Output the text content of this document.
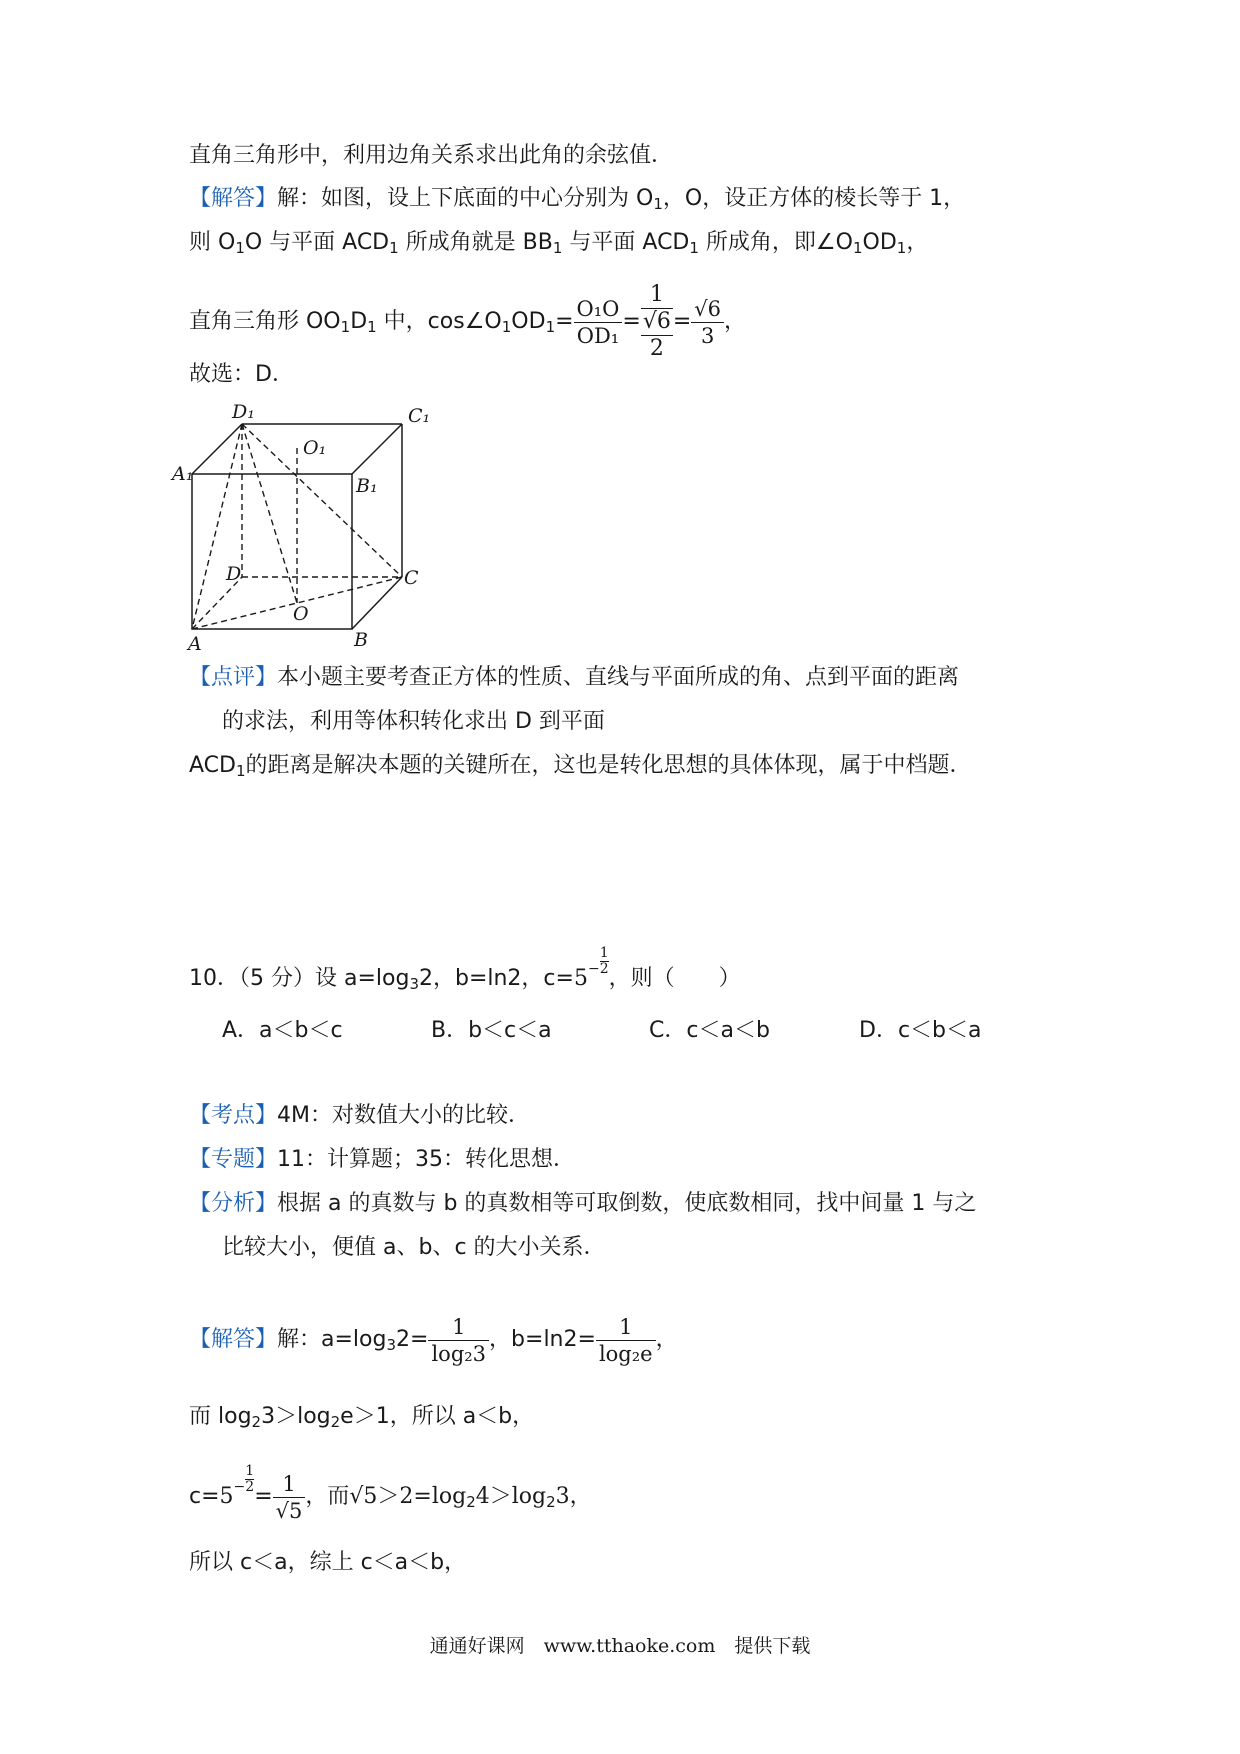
直角三角形中，利用边角关系求出此角的余弦值．
【解答】解：如图，设上下底面的中心分别为 $O_1$，O，设正方体的棱长等于 1，
则 $O_1O$ 与平面 $ACD_1$ 所成角就是 $BB_1$ 与平面 $ACD_1$ 所成角，即$\angle O_1OD_1$，
直角三角形 $OO_1D_1$ 中，$\cos\angle O_1OD_1= \frac{\text{O₁O}}{\text{OD₁}}$ =
1
√6
2
= $\frac{√6}{3}$ ，
故选：D．
D₁	C₁
O₁
A₁
B₁
D	C
O
A	B
【点评】本小题主要考查正方体的性质、直线与平面所成的角、点到平面的距离
的求法，利用等体积转化求出 D 到平面
$ACD_1$的距离是解决本题的关键所在，这也是转化思想的具体体现，属于中档题．
10．（5 分）设 $a=\log_32$，b=ln2，$c=5^- \frac{1}{2}$
，则（　　）
A．a＜b＜c	B．b＜c＜a	C．c＜a＜b	D．c＜b＜a
【考点】4M：对数值大小的比较．
【专题】11：计算题；35：转化思想．
【分析】根据 a 的真数与 b 的真数相等可取倒数，使底数相同，找中间量 1 与之
比较大小，便值 a、b、c 的大小关系．
【解答】解：$a=\log_32= \frac{1}{\text{log₂3}}$ ，$b=\ln 2= \frac{1}{\text{log₂e}}$ ，
而 $\log_23>\log_2e>1$，所以 a＜b，
$c=5^- \frac{1}{2}$
= $\frac{1}{√5}$ ，而$√5>2=\log_24>\log_23$，
所以 c＜a，综上 c＜a＜b，
通通好课网　www.tthaoke.com　提供下载
